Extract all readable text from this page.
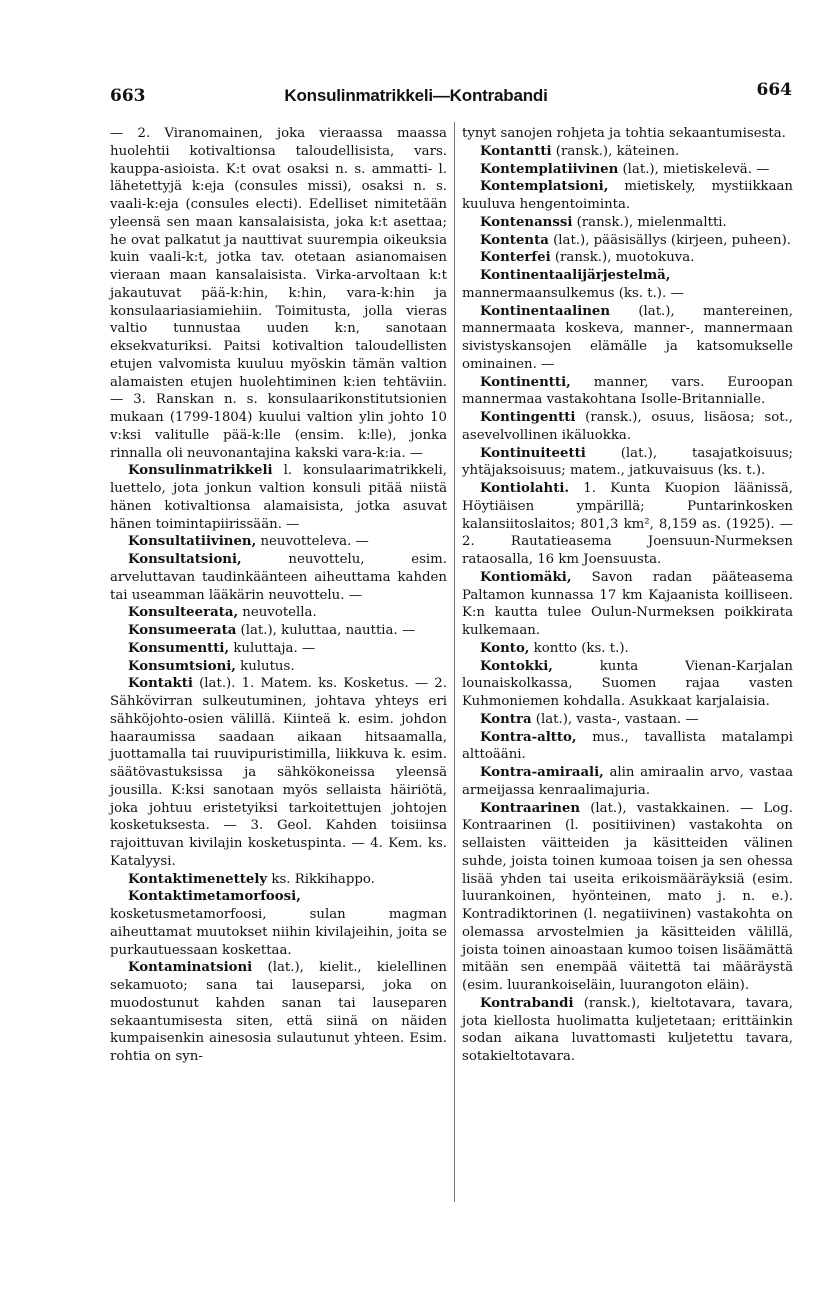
663	Konsulinmatrikkeli—Kontrabandi	664

— 2. Viranomainen, joka vieraassa maassa huolehtii kotivaltionsa taloudellisista, vars. kauppa-asioista. K:t ovat osaksi n. s. ammatti- l. lähetettyjä k:eja (consules missi), osaksi n. s. vaali-k:eja (consules electi). Edelliset nimitetään yleensä sen maan kansalaisista, joka k:t asettaa; he ovat palkatut ja nauttivat suurempia oikeuksia kuin vaali-k:t, jotka tav. otetaan asianomaisen vieraan maan kansalaisista. Virka-arvoltaan k:t jakautuvat pää-k:hin, k:hin, vara-k:hin ja konsulaariasiamiehiin. Toimitusta, jolla vieras valtio tunnustaa uuden k:n, sanotaan eksekvaturiksi. Paitsi kotivaltion taloudellisten etujen valvomista kuuluu myöskin tämän valtion alamaisten etujen huolehtiminen k:ien tehtäviin. — 3. Ranskan n. s. konsulaarikonstitutsionien mukaan (1799-1804) kuului valtion ylin johto 10 v:ksi valitulle pää-k:lle (ensim. k:lle), jonka rinnalla oli neuvonantajina kakski vara-k:ia. —

Konsulinmatrikkeli l. konsulaarimatrikkeli, luettelo, jota jonkun valtion konsuli pitää niistä hänen kotivaltionsa alamaisista, jotka asuvat hänen toimintapiirissään. —

Konsultatiivinen, neuvotteleva. —

Konsultatsioni, neuvottelu, esim. arveluttavan taudinkäänteen aiheuttama kahden tai useamman lääkärin neuvottelu. —

Konsulteerata, neuvotella.

Konsumeerata (lat.), kuluttaa, nauttia. —

Konsumentti, kuluttaja. —

Konsumtsioni, kulutus.

Kontakti (lat.). 1. Matem. ks. Kosketus. — 2. Sähkövirran sulkeutuminen, johtava yhteys eri sähköjohto-osien välillä. Kiinteä k. esim. johdon haaraumissa saadaan aikaan hitsaamalla, juottamalla tai ruuvipuristimilla, liikkuva k. esim. säätövastuksissa ja sähkökoneissa yleensä jousilla. K:ksi sanotaan myös sellaista häiriötä, joka johtuu eristetyiksi tarkoitettujen johtojen kosketuksesta. — 3. Geol. Kahden toisiinsa rajoittuvan kivilajin kosketuspinta. — 4. Kem. ks. Katalyysi.

Kontaktimenettely ks. Rikkihappo.

Kontaktimetamorfoosi, kosketusmetamorfoosi, sulan magman aiheuttamat muutokset niihin kivilajeihin, joita se purkautuessaan koskettaa.

Kontaminatsioni (lat.), kielit., kielellinen sekamuoto; sana tai lauseparsi, joka on muodostunut kahden sanan tai lauseparen sekaantumisesta siten, että siinä on näiden kumpaisenkin ainesosia sulautunut yhteen. Esim. rohtia on syn-

tynyt sanojen rohjeta ja tohtia sekaantumisesta.

Kontantti (ransk.), käteinen.

Kontemplatiivinen (lat.), mietiskelevä. —

Kontemplatsioni, mietiskely, mystiikkaan kuuluva hengentoiminta.

Kontenanssi (ransk.), mielenmaltti.

Kontenta (lat.), pääsisällys (kirjeen, puheen).

Konterfei (ransk.), muotokuva.

Kontinentaalijärjestelmä, mannermaansulkemus (ks. t.). —

Kontinentaalinen (lat.), mantereinen, mannermaata koskeva, manner-, mannermaan sivistyskansojen elämälle ja katsomukselle ominainen. —

Kontinentti, manner, vars. Euroopan mannermaa vastakohtana Isolle-Britannialle.

Kontingentti (ransk.), osuus, lisäosa; sot., asevelvollinen ikäluokka.

Kontinuiteetti (lat.), tasajatkoisuus; yhtäjaksoisuus; matem., jatkuvaisuus (ks. t.).

Kontiolahti. 1. Kunta Kuopion läänissä, Höytiäisen ympärillä; Puntarinkosken kalansiitoslaitos; 801,3 km², 8,159 as. (1925). — 2. Rautatieasema Joensuun-Nurmeksen rataosalla, 16 km Joensuusta.

Kontiomäki, Savon radan pääteasema Paltamon kunnassa 17 km Kajaanista koilliseen. K:n kautta tulee Oulun-Nurmeksen poikkirata kulkemaan.

Konto, kontto (ks. t.).

Kontokki, kunta Vienan-Karjalan lounaiskolkassa, Suomen rajaa vasten Kuhmoniemen kohdalla. Asukkaat karjalaisia.

Kontra (lat.), vasta-, vastaan. —

Kontra-altto, mus., tavallista matalampi alttoääni.

Kontra-amiraali, alin amiraalin arvo, vastaa armeijassa kenraalimajuria.

Kontraarinen (lat.), vastakkainen. — Log. Kontraarinen (l. positiivinen) vastakohta on sellaisten väitteiden ja käsitteiden välinen suhde, joista toinen kumoaa toisen ja sen ohessa lisää yhden tai useita erikoismääräyksiä (esim. luurankoinen, hyönteinen, mato j. n. e.). Kontradiktorinen (l. negatiivinen) vastakohta on olemassa arvostelmien ja käsitteiden välillä, joista toinen ainoastaan kumoo toisen lisäämättä mitään sen enempää väitettä tai määräystä (esim. luurankoiseläin, luurangoton eläin).

Kontrabandi (ransk.), kieltotavara, tavara, jota kiellosta huolimatta kuljetetaan; erittäinkin sodan aikana luvattomasti kuljetettu tavara, sotakieltotavara.
